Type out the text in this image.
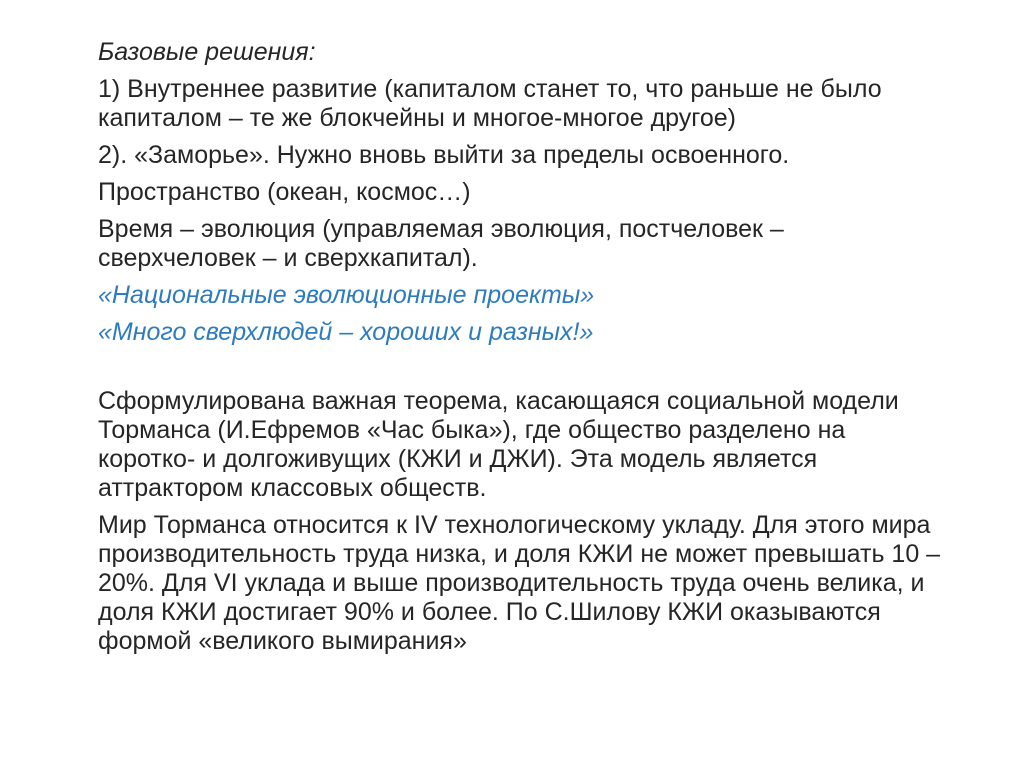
Базовые решения:

1) Внутреннее развитие (капиталом станет то, что раньше не было капиталом – те же блокчейны и многое-многое другое)

2). «Заморье». Нужно вновь выйти за пределы освоенного.

Пространство (океан, космос…)

Время – эволюция (управляемая эволюция, постчеловек – сверхчеловек – и сверхкапитал).

«Национальные эволюционные проекты»

«Много сверхлюдей – хороших и разных!»

Сформулирована важная теорема, касающаяся социальной модели Торманса (И.Ефремов «Час быка»), где общество разделено на коротко- и долгоживущих (КЖИ и ДЖИ). Эта модель является аттрактором классовых обществ.

Мир Торманса относится к IV технологическому укладу. Для этого мира производительность труда низка, и доля КЖИ не может превышать 10 – 20%. Для VI уклада и выше производительность труда очень велика, и доля КЖИ достигает 90% и более. По С.Шилову КЖИ оказываются формой «великого вымирания»
